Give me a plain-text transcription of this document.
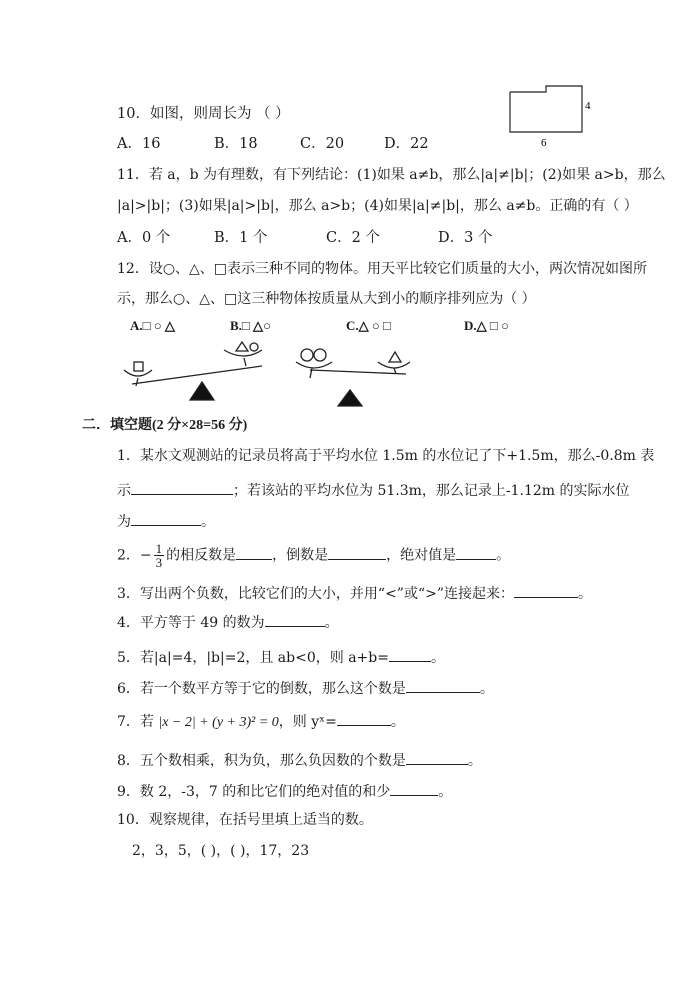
10．如图，则周长为 （ ）	4
6
A．16	B．18	C．20	D．22
11．若 a，b 为有理数，有下列结论：(1)如果 a≠b，那么|a|≠|b|；(2)如果 a>b，那么
|a|>|b|；(3)如果|a|>|b|，那么 a>b；(4)如果|a|≠|b|，那么 a≠b。正确的有（ ）
A．0 个	B．1 个	C．2 个	D．3 个
12．设○、△、□表示三种不同的物体。用天平比较它们质量的大小，两次情况如图所
示，那么○、△、□这三种物体按质量从大到小的顺序排列应为（ ）
A.□ ○ △	B.□ △○	C.△ ○ □	D.△ □ ○
二．填空题(2 分×28=56 分)
1．某水文观测站的记录员将高于平均水位 1.5m 的水位记了下+1.5m，那么-0.8m 表
示	；若该站的平均水位为 51.3m，那么记录上-1.12m 的实际水位
为	。
2．− $\frac{1}{3}$ 的相反数是	，倒数是	，绝对值是	。
3．写出两个负数，比较它们的大小，并用“<”或“>”连接起来：	。
4．平方等于 49 的数为	。
5．若|a|=4，|b|=2，且 ab<0，则 a+b=	。
6．若一个数平方等于它的倒数，那么这个数是	。
7．若 |x − 2| + (y + 3)² = 0，则 yˣ=	。
8．五个数相乘，积为负，那么负因数的个数是	。
9．数 2，-3，7 的和比它们的绝对值的和少	。
10．观察规律，在括号里填上适当的数。
2，3，5，( )，( )，17，23
